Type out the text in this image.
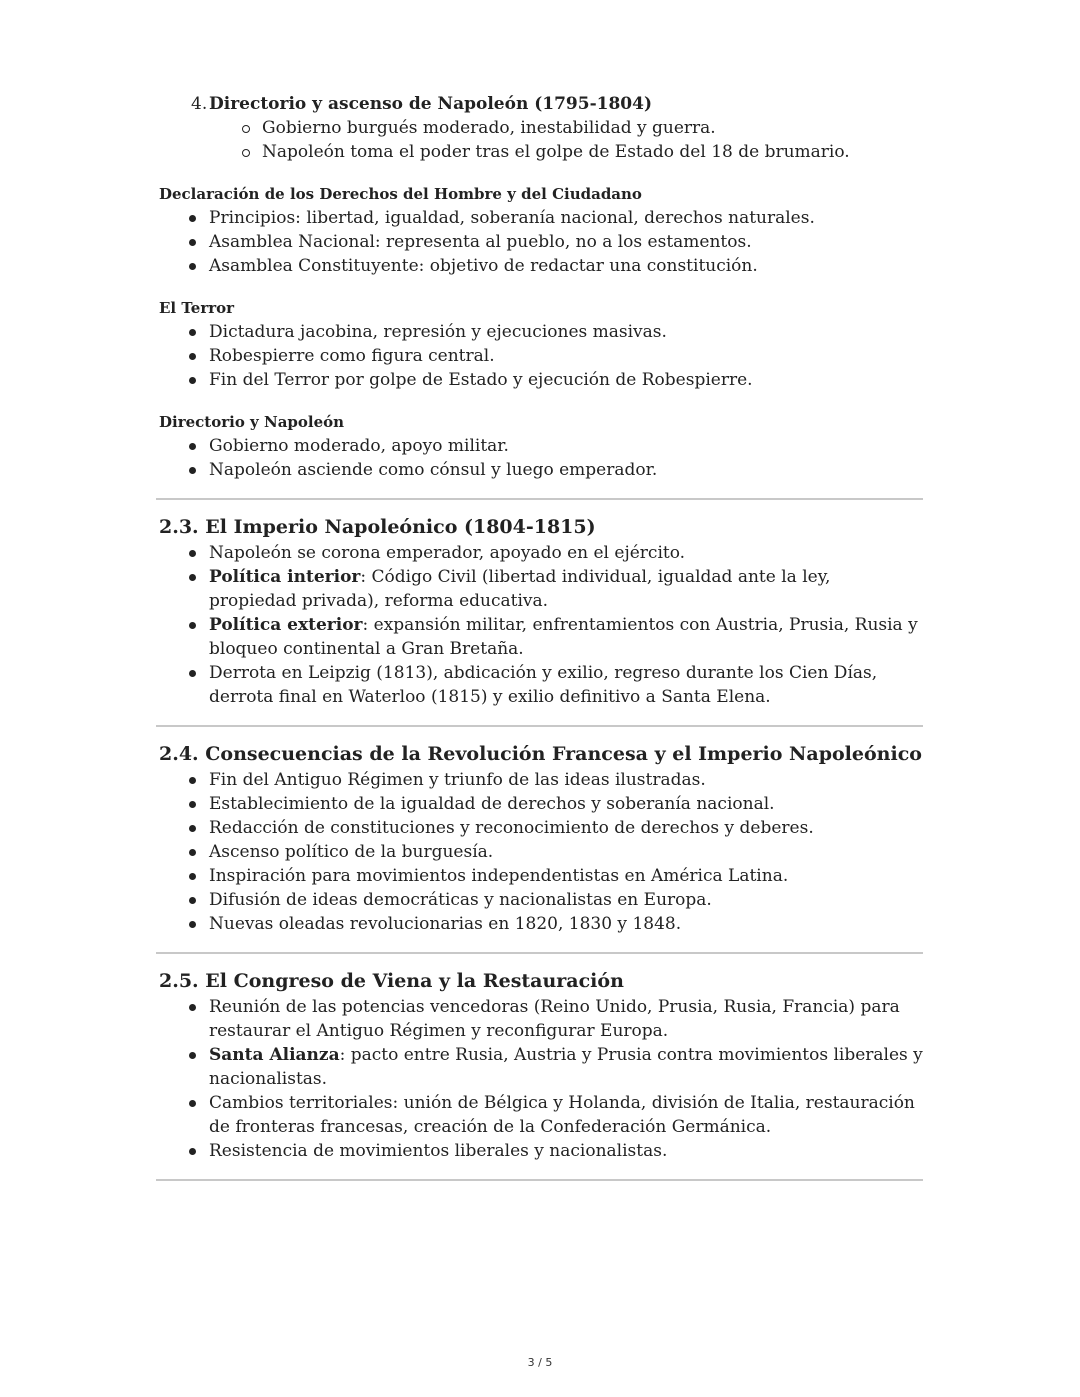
4. Directorio y ascenso de Napoleón (1795-1804)
Gobierno burgués moderado, inestabilidad y guerra.
Napoleón toma el poder tras el golpe de Estado del 18 de brumario.
Declaración de los Derechos del Hombre y del Ciudadano
Principios: libertad, igualdad, soberanía nacional, derechos naturales.
Asamblea Nacional: representa al pueblo, no a los estamentos.
Asamblea Constituyente: objetivo de redactar una constitución.
El Terror
Dictadura jacobina, represión y ejecuciones masivas.
Robespierre como figura central.
Fin del Terror por golpe de Estado y ejecución de Robespierre.
Directorio y Napoleón
Gobierno moderado, apoyo militar.
Napoleón asciende como cónsul y luego emperador.
2.3. El Imperio Napoleónico (1804-1815)
Napoleón se corona emperador, apoyado en el ejército.
Política interior: Código Civil (libertad individual, igualdad ante la ley, propiedad privada), reforma educativa.
Política exterior: expansión militar, enfrentamientos con Austria, Prusia, Rusia y bloqueo continental a Gran Bretaña.
Derrota en Leipzig (1813), abdicación y exilio, regreso durante los Cien Días, derrota final en Waterloo (1815) y exilio definitivo a Santa Elena.
2.4. Consecuencias de la Revolución Francesa y el Imperio Napoleónico
Fin del Antiguo Régimen y triunfo de las ideas ilustradas.
Establecimiento de la igualdad de derechos y soberanía nacional.
Redacción de constituciones y reconocimiento de derechos y deberes.
Ascenso político de la burguesía.
Inspiración para movimientos independentistas en América Latina.
Difusión de ideas democráticas y nacionalistas en Europa.
Nuevas oleadas revolucionarias en 1820, 1830 y 1848.
2.5. El Congreso de Viena y la Restauración
Reunión de las potencias vencedoras (Reino Unido, Prusia, Rusia, Francia) para restaurar el Antiguo Régimen y reconfigurar Europa.
Santa Alianza: pacto entre Rusia, Austria y Prusia contra movimientos liberales y nacionalistas.
Cambios territoriales: unión de Bélgica y Holanda, división de Italia, restauración de fronteras francesas, creación de la Confederación Germánica.
Resistencia de movimientos liberales y nacionalistas.
3 / 5
